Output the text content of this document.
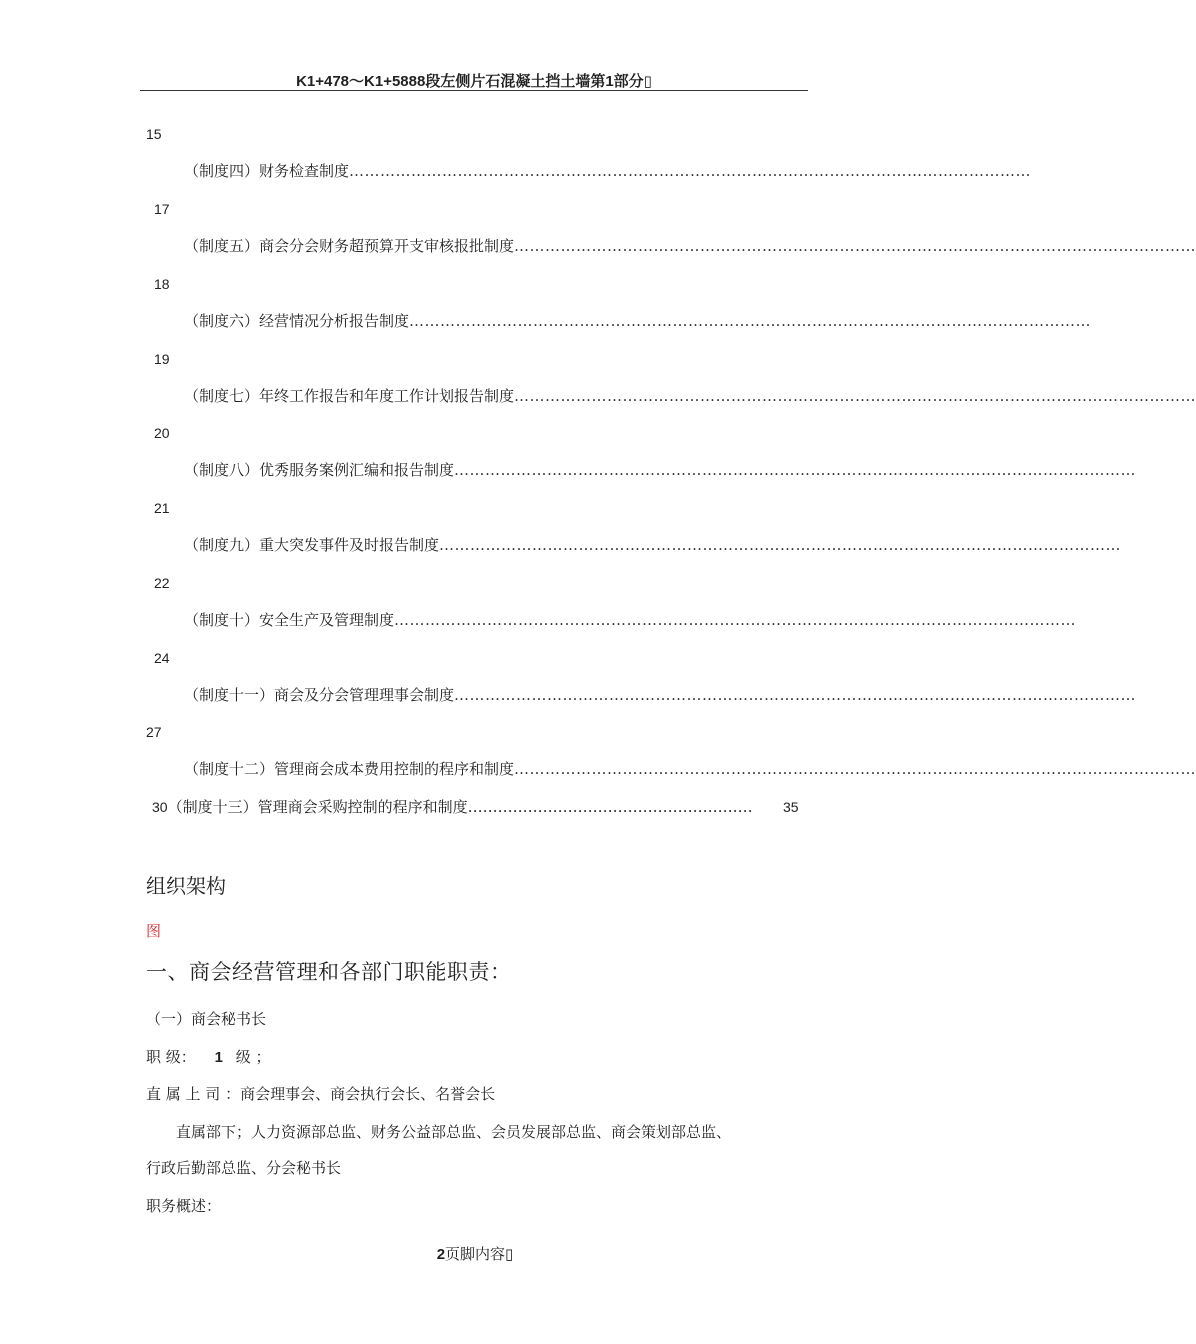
K1+478～K1+5888段左侧片石混凝土挡土墙第1部分▯
15
（制度四）财务检查制度……………………………………………………………………………………………………………………
17
（制度五）商会分会财务超预算开支审核报批制度……………………………………………………………………………………………………………………
18
（制度六）经营情况分析报告制度……………………………………………………………………………………………………………………
19
（制度七）年终工作报告和年度工作计划报告制度……………………………………………………………………………………………………………………
20
（制度八）优秀服务案例汇编和报告制度……………………………………………………………………………………………………………………
21
（制度九）重大突发事件及时报告制度……………………………………………………………………………………………………………………
22
（制度十）安全生产及管理制度……………………………………………………………………………………………………………………
24
（制度十一）商会及分会管理理事会制度……………………………………………………………………………………………………………………
27
（制度十二）管理商会成本费用控制的程序和制度……………………………………………………………………………………………………………………
30（制度十三）管理商会采购控制的程序和制度………………………………………………… 35
组织架构
图
一、商会经营管理和各部门职能职责：
（一）商会秘书长
职 级： 1 级 ；
直 属 上 司 ：商会理事会、商会执行会长、名誉会长
直属部下；人力资源部总监、财务公益部总监、会员发展部总监、商会策划部总监、
行政后勤部总监、分会秘书长
职务概述：
2页脚内容▯
